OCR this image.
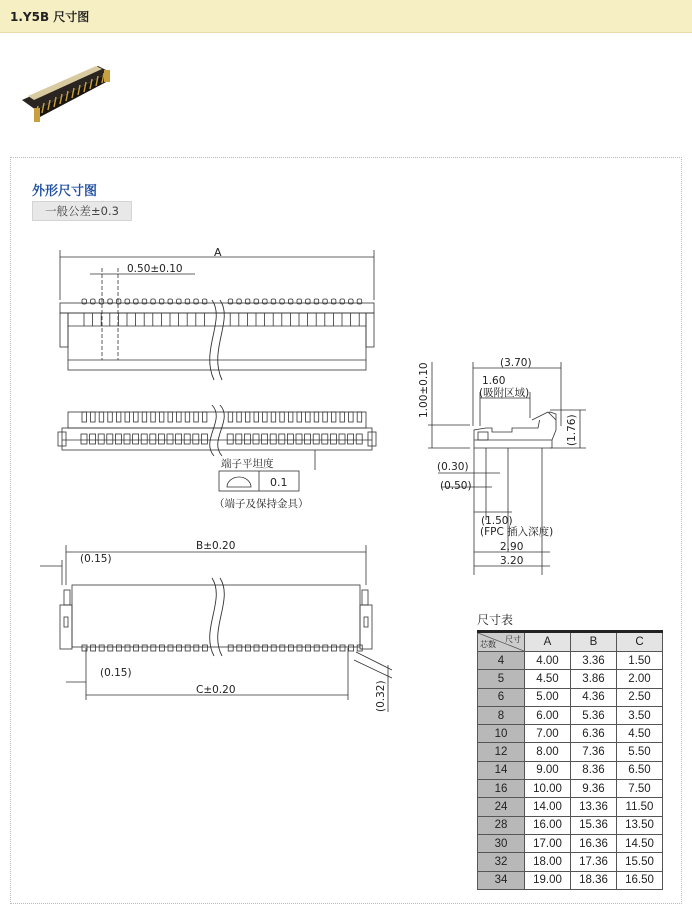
1.Y5B 尺寸图
外形尺寸图
一般公差±0.3
A
0.50±0.10
端子平坦度
0.1
（端子及保持金具）
B±0.20
(0.15)
(0.15)
C±0.20	(0.32)
(3.70)
1.60
(吸附区域)
1.00±0.10
(1.76)
(0.30)
(0.50)
(1.50)
(FPC 插入深度)
2.90
3.20
尺寸表
尺寸
芯数	A	B	C
4	4.00	3.36	1.50
5	4.50	3.86	2.00
6	5.00	4.36	2.50
8	6.00	5.36	3.50
10	7.00	6.36	4.50
12	8.00	7.36	5.50
14	9.00	8.36	6.50
16	10.00	9.36	7.50
24	14.00	13.36	11.50
28	16.00	15.36	13.50
30	17.00	16.36	14.50
32	18.00	17.36	15.50
34	19.00	18.36	16.50
